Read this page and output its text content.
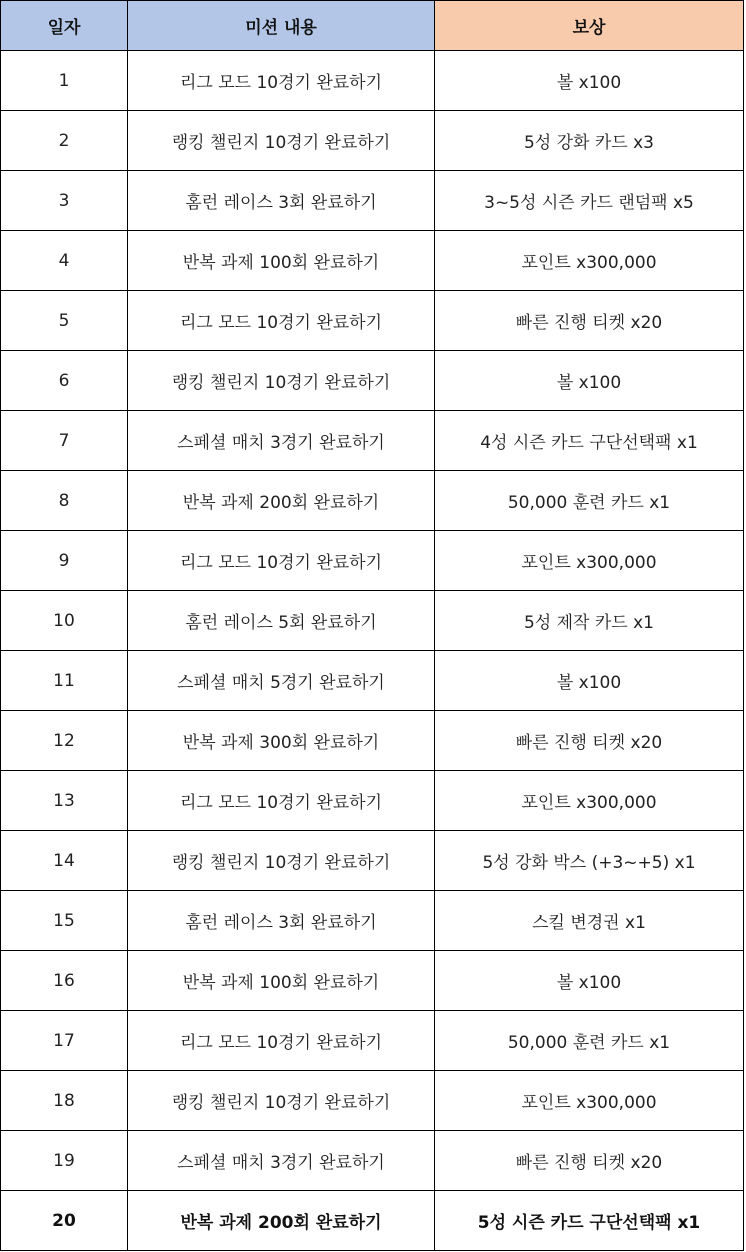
일자	미션 내용	보상
1	리그 모드 10경기 완료하기	볼 x100
2	랭킹 챌린지 10경기 완료하기	5성 강화 카드 x3
3	홈런 레이스 3회 완료하기	3~5성 시즌 카드 랜덤팩 x5
4	반복 과제 100회 완료하기	포인트 x300,000
5	리그 모드 10경기 완료하기	빠른 진행 티켓 x20
6	랭킹 챌린지 10경기 완료하기	볼 x100
7	스페셜 매치 3경기 완료하기	4성 시즌 카드 구단선택팩 x1
8	반복 과제 200회 완료하기	50,000 훈련 카드 x1
9	리그 모드 10경기 완료하기	포인트 x300,000
10	홈런 레이스 5회 완료하기	5성 제작 카드 x1
11	스페셜 매치 5경기 완료하기	볼 x100
12	반복 과제 300회 완료하기	빠른 진행 티켓 x20
13	리그 모드 10경기 완료하기	포인트 x300,000
14	랭킹 챌린지 10경기 완료하기	5성 강화 박스 (+3~+5) x1
15	홈런 레이스 3회 완료하기	스킬 변경권 x1
16	반복 과제 100회 완료하기	볼 x100
17	리그 모드 10경기 완료하기	50,000 훈련 카드 x1
18	랭킹 챌린지 10경기 완료하기	포인트 x300,000
19	스페셜 매치 3경기 완료하기	빠른 진행 티켓 x20
20	반복 과제 200회 완료하기	5성 시즌 카드 구단선택팩 x1
